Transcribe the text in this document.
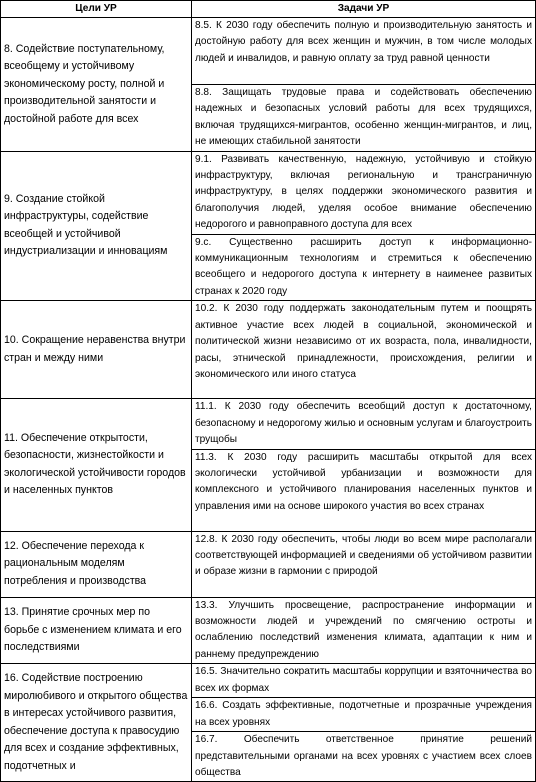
Цели УР	Задачи УР
8. Содействие поступательному, всеобщему и устойчивому экономическому росту, полной и производительной занятости и достойной работе для всех	8.5. К 2030 году обеспечить полную и производительную занятость и достойную работу для всех женщин и мужчин, в том числе молодых людей и инвалидов, и равную оплату за труд равной ценности
	8.8. Защищать трудовые права и содействовать обеспечению надежных и безопасных условий работы для всех трудящихся, включая трудящихся-мигрантов, особенно женщин-мигрантов, и лиц, не имеющих стабильной занятости
9. Создание стойкой инфраструктуры, содействие всеобщей и устойчивой индустриализации и инновациям	9.1. Развивать качественную, надежную, устойчивую и стойкую инфраструктуру, включая региональную и трансграничную инфраструктуру, в целях поддержки экономического развития и благополучия людей, уделяя особое внимание обеспечению недорогого и равноправного доступа для всех
	9.c. Существенно расширить доступ к информационно-коммуникационным технологиям и стремиться к обеспечению всеобщего и недорогого доступа к интернету в наименее развитых странах к 2020 году
10. Сокращение неравенства внутри стран и между ними	10.2. К 2030 году поддержать законодательным путем и поощрять активное участие всех людей в социальной, экономической и политической жизни независимо от их возраста, пола, инвалидности, расы, этнической принадлежности, происхождения, религии и экономического или иного статуса
11. Обеспечение открытости, безопасности, жизнестойкости и экологической устойчивости городов и населенных пунктов	11.1. К 2030 году обеспечить всеобщий доступ к достаточному, безопасному и недорогому жилью и основным услугам и благоустроить трущобы
	11.3. К 2030 году расширить масштабы открытой для всех экологически устойчивой урбанизации и возможности для комплексного и устойчивого планирования населенных пунктов и управления ими на основе широкого участия во всех странах
12. Обеспечение перехода к рациональным моделям потребления и производства	12.8. К 2030 году обеспечить, чтобы люди во всем мире располагали соответствующей информацией и сведениями об устойчивом развитии и образе жизни в гармонии с природой
13. Принятие срочных мер по борьбе с изменением климата и его последствиями	13.3. Улучшить просвещение, распространение информации и возможности людей и учреждений по смягчению остроты и ослаблению последствий изменения климата, адаптации к ним и раннему предупреждению
16. Содействие построению миролюбивого и открытого общества в интересах устойчивого развития, обеспечение доступа к правосудию для всех и создание эффективных, подотчетных и	16.5. Значительно сократить масштабы коррупции и взяточничества во всех их формах
	16.6. Создать эффективные, подотчетные и прозрачные учреждения на всех уровнях
	16.7. Обеспечить ответственное принятие решений представительными органами на всех уровнях с участием всех слоев общества
